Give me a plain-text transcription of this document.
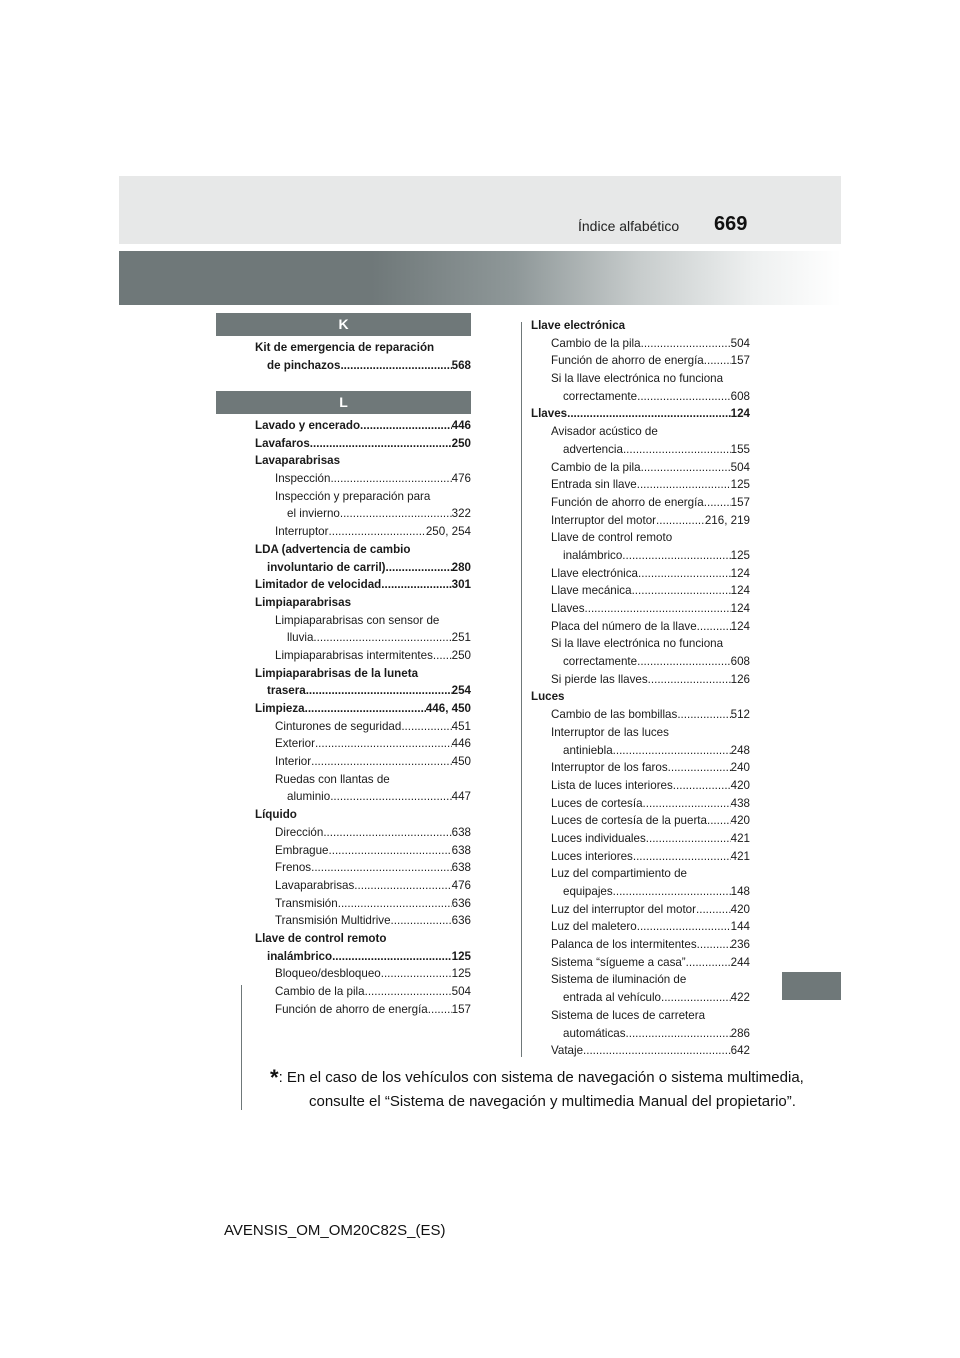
Índice alfabético 669
K
Kit de emergencia de reparación
de pinchazos .....	568
L
Lavado y encerado .....	446
Lavafaros .....	250
Lavaparabrisas
Inspección .....	476
Inspección y preparación para
el invierno .....	322
Interruptor .....	250, 254
LDA (advertencia de cambio
involuntario de carril) .....	280
Limitador de velocidad .....	301
Limpiaparabrisas
Limpiaparabrisas con sensor de
lluvia .....	251
Limpiaparabrisas intermitentes ..... 250
Limpiaparabrisas de la luneta
trasera .....	254
Limpieza .....	446, 450
Cinturones de seguridad .....	451
Exterior .....	446
Interior .....	450
Ruedas con llantas de
aluminio .....	447
Líquido
Dirección .....	638
Embrague .....	638
Frenos .....	638
Lavaparabrisas .....	476
Transmisión .....	636
Transmisión Multidrive .....	636
Llave de control remoto
inalámbrico .....	125
Bloqueo/desbloqueo .....	125
Cambio de la pila .....	504
Función de ahorro de energía ..... 157
Llave electrónica
Cambio de la pila .....	504
Función de ahorro de energía ..... 157
Si la llave electrónica no funciona
correctamente .....	608
Llaves .....	124
Avisador acústico de
advertencia .....	155
Cambio de la pila .....	504
Entrada sin llave .....	125
Función de ahorro de energía ..... 157
Interruptor del motor .....	216, 219
Llave de control remoto
inalámbrico .....	125
Llave electrónica .....	124
Llave mecánica .....	124
Llaves .....	124
Placa del número de la llave .....	124
Si la llave electrónica no funciona
correctamente .....	608
Si pierde las llaves .....	126
Luces
Cambio de las bombillas .....	512
Interruptor de las luces
antiniebla .....	248
Interruptor de los faros .....	240
Lista de luces interiores .....	420
Luces de cortesía .....	438
Luces de cortesía de la puerta ..... 420
Luces individuales .....	421
Luces interiores .....	421
Luz del compartimiento de
equipajes .....	148
Luz del interruptor del motor .....	420
Luz del maletero .....	144
Palanca de los intermitentes .....	236
Sistema “sígueme a casa” .....	244
Sistema de iluminación de
entrada al vehículo .....	422
Sistema de luces de carretera
automáticas .....	286
Vataje .....	642
*: En el caso de los vehículos con sistema de navegación o sistema multimedia,
consulte el “Sistema de navegación y multimedia Manual del propietario”.
AVENSIS_OM_OM20C82S_(ES)
